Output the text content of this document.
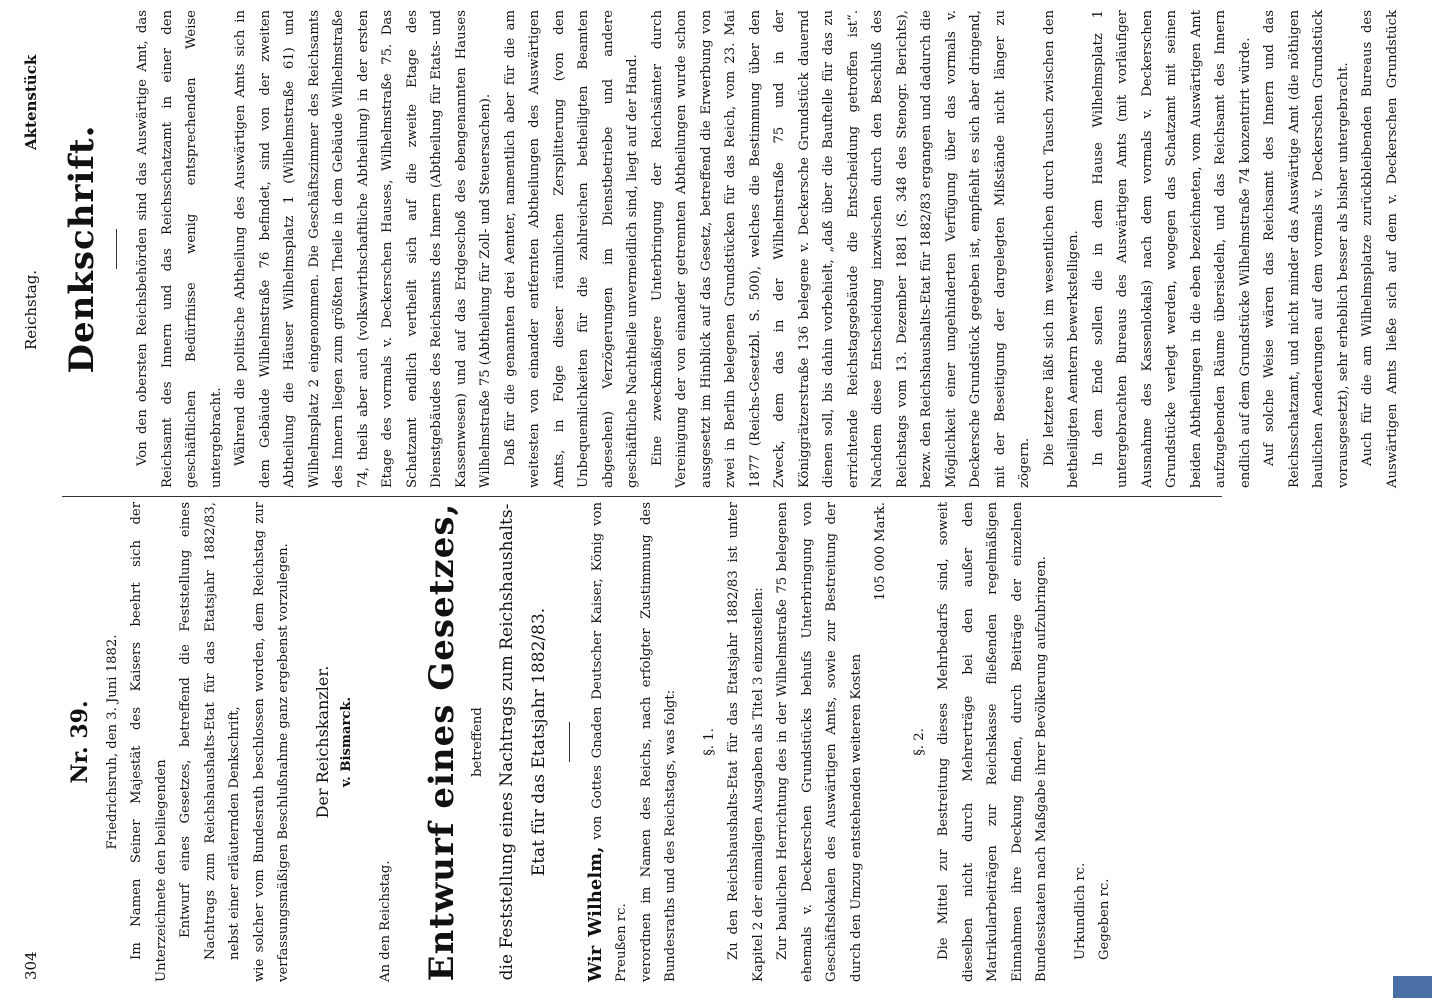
304
Reichstag.
Aktenstück
Nr. 39. Friedrichsruh, den 3. Juni 1882. Im Namen Seiner Majestät des Kaisers beehrt sich der Unterzeichnete den beiliegenden Entwurf eines Gesetzes, betreffend die Feststellung eines Nachtrags zum Reichshaushalts-Etat für das Etatsjahr 1882/83, nebst einer erläuternden Denkschrift, wie solcher vom Bundesrath beschlossen worden, dem Reichstag zur verfassungsmäßigen Beschlußnahme ganz ergebenst vorzulegen.	Der Reichskanzler. v. Bismarck.

An den Reichstag. Entwurf eines Gesetzes, betreffend die Feststellung eines Nachtrags zum Reichshaushalts-Etat für das Etatsjahr 1882/83.

Wir Wilhelm, von Gottes Gnaden Deutscher Kaiser, König von Preußen rc. verordnen im Namen des Reichs, nach erfolgter Zustimmung des Bundesraths und des Reichstags, was folgt:	§. 1. Zu den Reichshaushalts-Etat für das Etatsjahr 1882/83 ist unter Kapitel 2 der einmaligen Ausgaben als Titel 3 einzustellen: Zur baulichen Herrichtung des in der Wilhelmstraße 75 belegenen ehemals v. Deckerschen Grundstücks behufs Unterbringung von Geschäftslokalen des Auswärtigen Amts, sowie zur Bestreitung der durch den Umzug entstehenden weiteren Kosten

105 000 Mark.

§. 2. Die Mittel zur Bestreitung dieses Mehrbedarfs sind, soweit dieselben nicht durch Mehrerträge bei den außer den Matrikularbeiträgen zur Reichskasse fließenden regelmäßigen Einnahmen ihre Deckung finden, durch Beiträge der einzelnen Bundesstaaten nach Maßgabe ihrer Bevölkerung aufzubringen.	Urkundlich rc. Gegeben rc.

Denkschrift.	Von den obersten Reichsbehörden sind das Auswärtige Amt, das Reichsamt des Innern und das Reichsschatzamt in einer den geschäftlichen Bedürfnisse wenig entsprechenden Weise untergebracht. Während die politische Abtheilung des Auswärtigen Amts sich in dem Gebäude Wilhelmstraße 76 befindet, sind von der zweiten Abtheilung die Häuser Wilhelmsplatz 1 (Wilhelmstraße 61) und Wilhelmsplatz 2 eingenommen. Die Geschäftszimmer des Reichsamts des Innern liegen zum größten Theile in dem Gebäude Wilhelmstraße 74, theils aber auch (volkswirthschaftliche Abtheilung) in der ersten Etage des vormals v. Deckerschen Hauses, Wilhelmstraße 75. Das Schatzamt endlich vertheilt sich auf die zweite Etage des Dienstgebäudes des Reichsamts des Innern (Abtheilung für Etats- und Kassenwesen) und auf das Erdgeschoß des ebengenannten Hauses Wilhelmstraße 75 (Abtheilung für Zoll- und Steuersachen). Daß für die genannten drei Aemter, namentlich aber für die am weitesten von einander entfernten Abtheilungen des Auswärtigen Amts, in Folge dieser räumlichen Zersplitterung (von den Unbequemlichkeiten für die zahlreichen betheiligten Beamten abgesehen) Verzögerungen im Dienstbetriebe und andere geschäftliche Nachtheile unvermeidlich sind, liegt auf der Hand. Eine zweckmäßigere Unterbringung der Reichsämter durch Vereinigung der von einander getrennten Abtheilungen wurde schon ausgesetzt im Hinblick auf das Gesetz, betreffend die Erwerbung von zwei in Berlin belegenen Grundstücken für das Reich, vom 23. Mai 1877 (Reichs-Gesetzbl. S. 500), welches die Bestimmung über den Zweck, dem das in der Wilhelmstraße 75 und in der Königgrätzerstraße 136 belegene v. Deckersche Grundstück dauernd dienen soll, bis dahin vorbehielt, „daß über die Bauftelle für das zu errichtende Reichstagsgebäude die Entscheidung getroffen ist“. Nachdem diese Entscheidung inzwischen durch den Beschluß des Reichstags vom 13. Dezember 1881 (S. 348 des Stenogr. Berichts), bezw. den Reichshaushalts-Etat für 1882/83 ergangen und dadurch die Möglichkeit einer ungehinderten Verfügung über das vormals v. Deckersche Grundstück gegeben ist, empfiehlt es sich aber dringend, mit der Beseitigung der dargelegten Mißstände nicht länger zu zögern. Die letztere läßt sich im wesentlichen durch Tausch zwischen den betheiligten Aemtern bewerkstelligen. In dem Ende sollen die in dem Hause Wilhelmsplatz 1 untergebrachten Bureaus des Auswärtigen Amts (mit vorläufiger Ausnahme des Kassenlokals) nach dem vormals v. Deckerschen Grundstücke verlegt werden, wogegen das Schatzamt mit seinen beiden Abtheilungen in die eben bezeichneten, vom Auswärtigen Amt aufzugebenden Räume übersiedeln, und das Reichsamt des Innern endlich auf dem Grundstücke Wilhelmstraße 74 konzentrirt würde. Auf solche Weise wären das Reichsamt des Innern und das Reichsschatzamt, und nicht minder das Auswärtige Amt (die nöthigen baulichen Aenderungen auf dem vormals v. Deckerschen Grundstück vorausgesetzt), sehr erheblich besser als bisher untergebracht. Auch für die am Wilhelmsplatze zurückbleibenden Bureaus des Auswärtigen Amts ließe sich auf dem v. Deckerschen Grundstück
